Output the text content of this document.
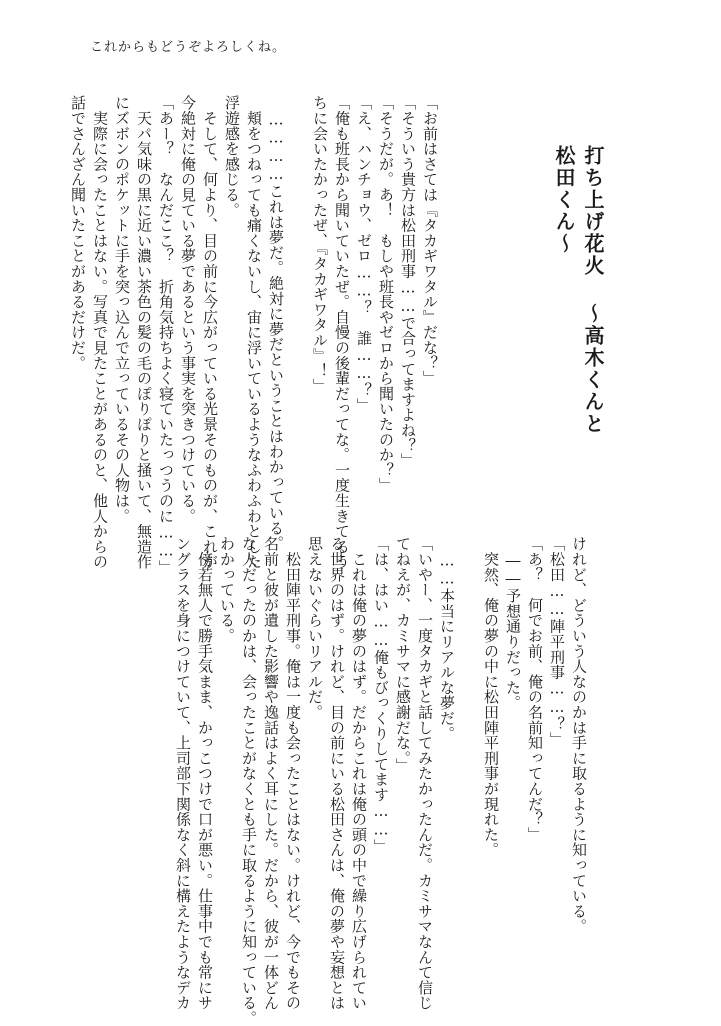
これからもどうぞよろしくね。
打ち上げ花火 ～高木くんと松田くん～

「お前はさては『タカギワタル』だな？」

「そういう貴方は松田刑事……で合ってますよね？」

「そうだが。あ！　もしや班長やゼロから聞いたのか？」

「え、ハンチョウ、ゼロ……？　誰……？」

「俺も班長から聞いていたぜ。自慢の後輩だってな。一度生きてるう

ちに会いたかったぜ、『タカギワタル』！」

　…………これは夢だ。絶対に夢だということはわかっている。

　頬をつねっても痛くないし、宙に浮いているようなふわふわとした

浮遊感を感じる。

　そして、何より、目の前に今広がっている光景そのものが、これが

今絶対に俺の見ている夢であるという事実を突きつけている。

「あー？　なんだここ？　折角気持ちよく寝ていたっつうのに……」

　天パ気味の黒に近い濃い茶色の髪の毛のぽりぽりと掻いて、無造作

にズボンのポケットに手を突っ込んで立っているその人物は。

　実際に会ったことはない。写真で見たことがあるのと、他人からの

話でさんざん聞いたことがあるだけだ。

けれど、どういう人なのかは手に取るように知っている。

「松田……陣平刑事……？」

「あ？　何でお前、俺の名前知ってんだ？」

　――予想通りだった。

　突然、俺の夢の中に松田陣平刑事が現れた。

　……本当にリアルな夢だ。

「いやー、一度タカギと話してみたかったんだ。カミサマなんて信じ

てねえが、カミサマに感謝だな。」

「は、はい……俺もびっくりしてます……」

　これは俺の夢のはず。だからこれは俺の頭の中で繰り広げられてい

る世界のはず。けれど、目の前にいる松田さんは、俺の夢や妄想とは

思えないぐらいリアルだ。

　松田陣平刑事。俺は一度も会ったことはない。けれど、今でもその

名前と彼が遺した影響や逸話はよく耳にした。だから、彼が一体どん

な人だったのかは、会ったことがなくとも手に取るように知っている。

わかっている。

　傍若無人で勝手気まま、かっこつけで口が悪い。仕事中でも常にサ

ングラスを身につけていて、上司部下関係なく斜に構えたようなデカ
